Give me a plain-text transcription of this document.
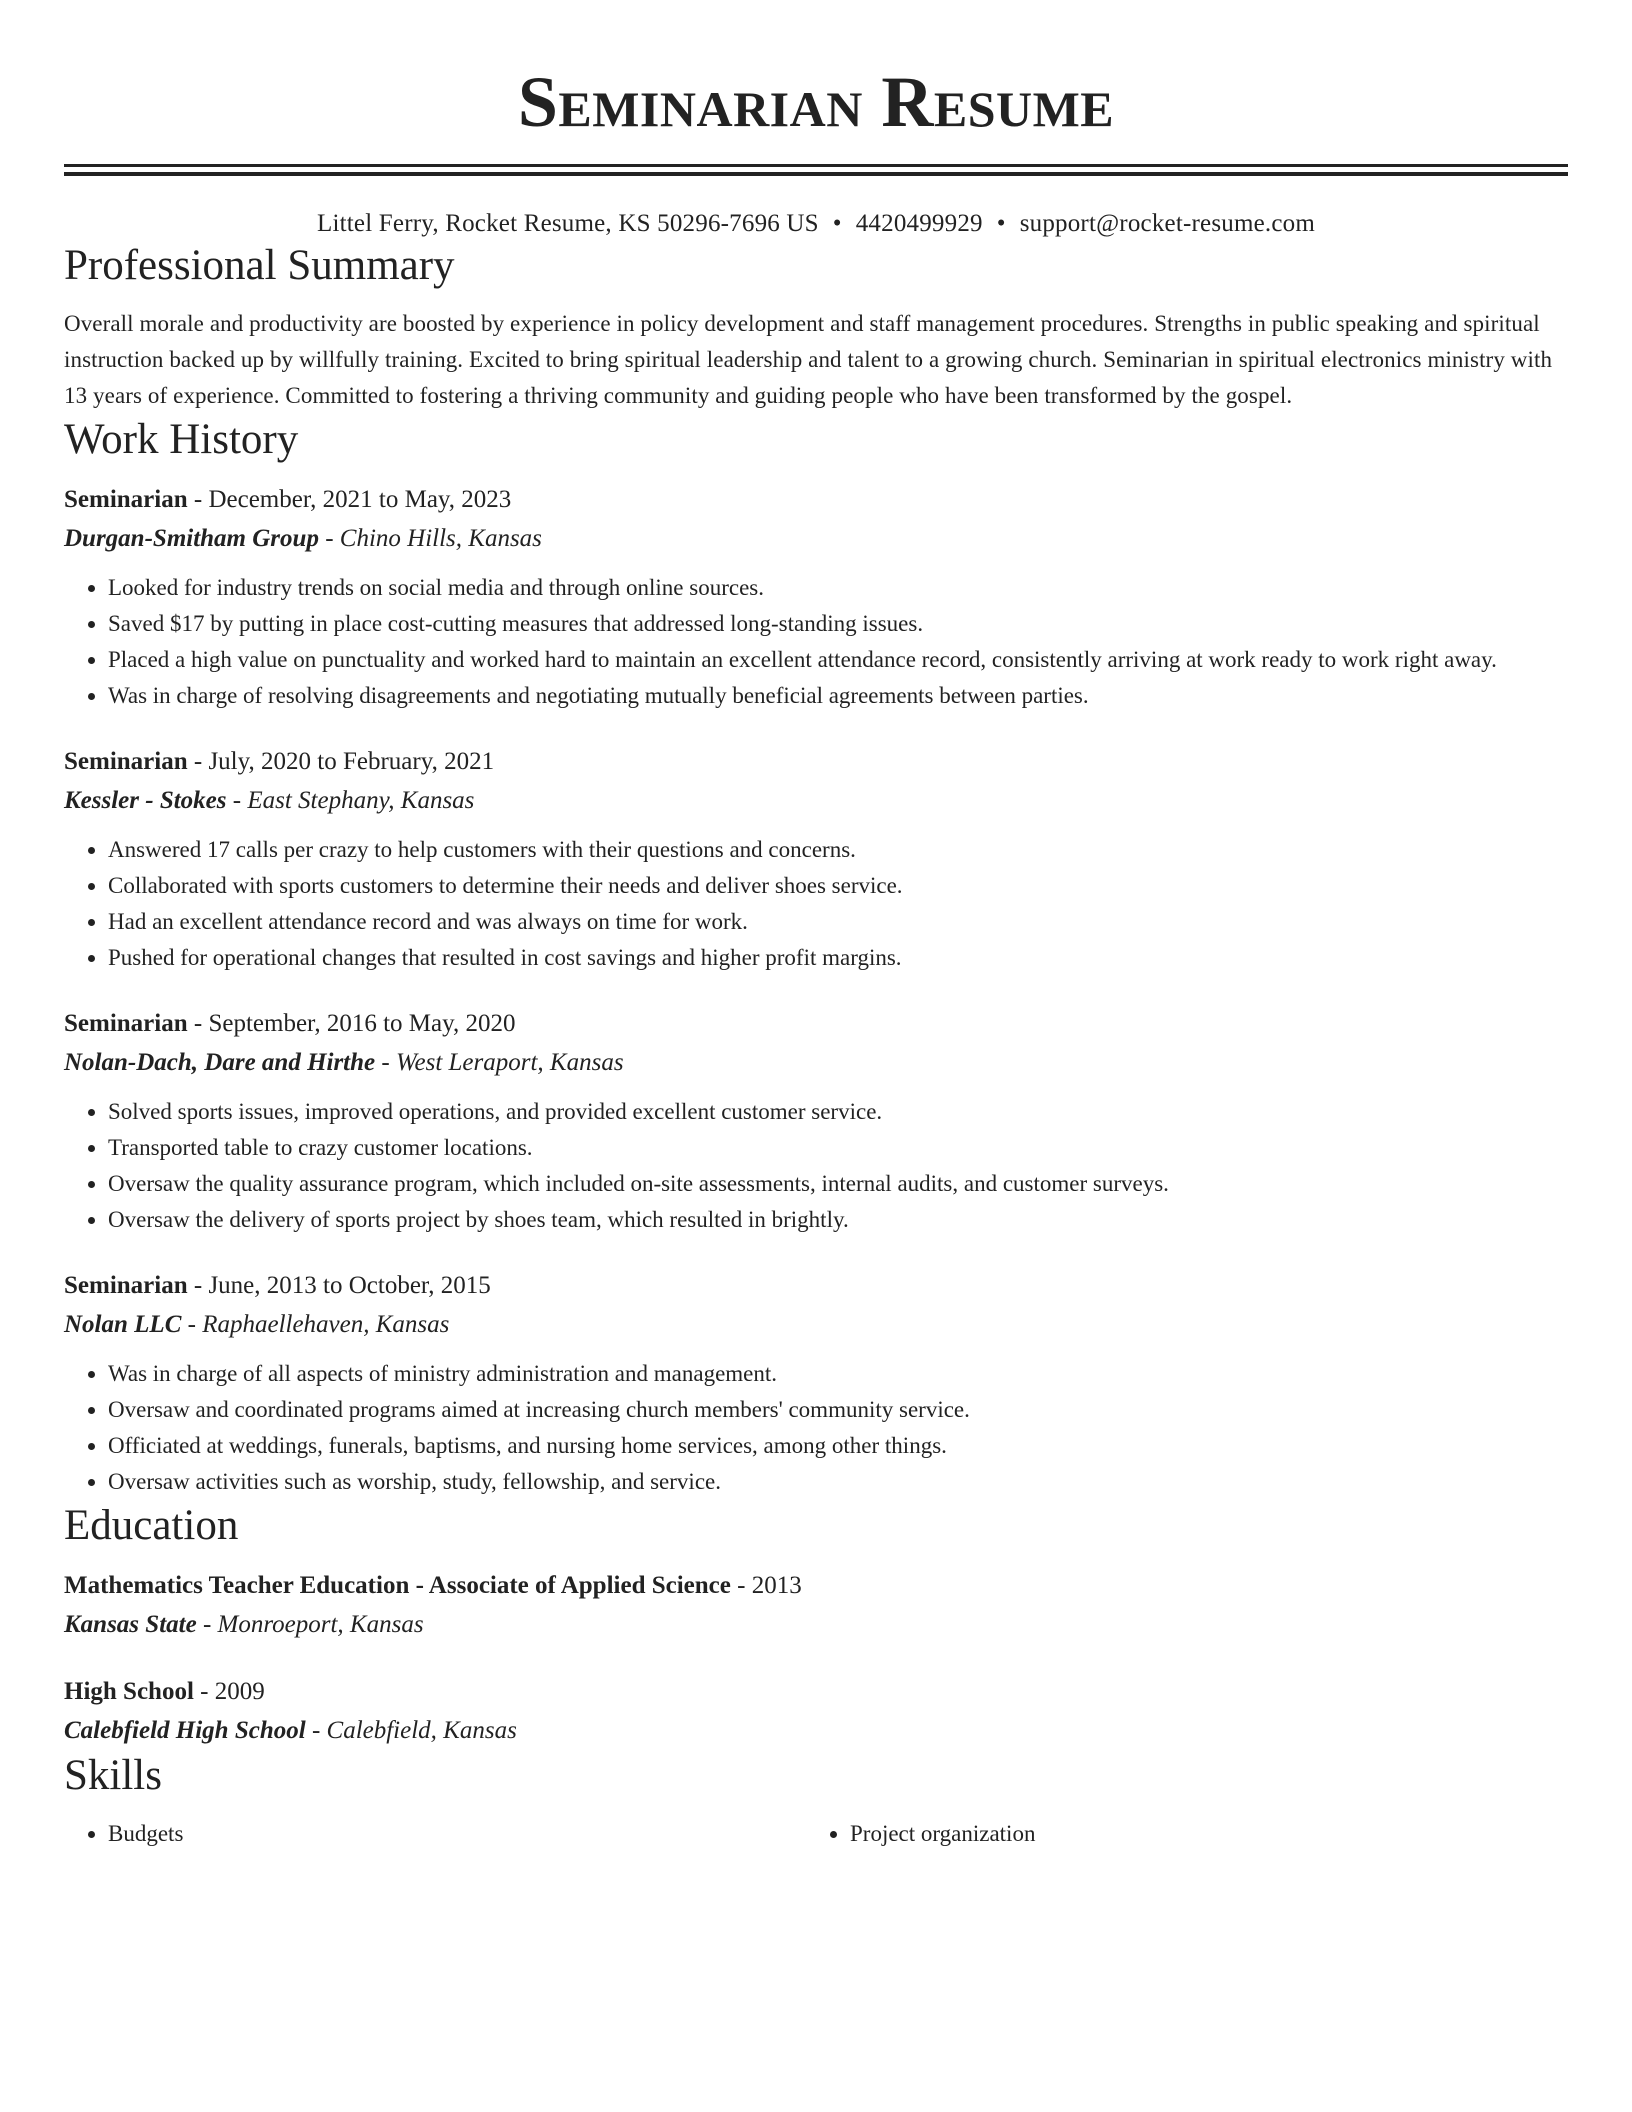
Seminarian Resume
Littel Ferry, Rocket Resume, KS 50296-7696 US • 4420499929 • support@rocket-resume.com
Professional Summary

Overall morale and productivity are boosted by experience in policy development and staff management procedures. Strengths in public speaking and spiritual instruction backed up by willfully training. Excited to bring spiritual leadership and talent to a growing church. Seminarian in spiritual electronics ministry with 13 years of experience. Committed to fostering a thriving community and guiding people who have been transformed by the gospel.

Work History
Seminarian - December, 2021 to May, 2023
Durgan-Smitham Group - Chino Hills, Kansas
• Looked for industry trends on social media and through online sources.
• Saved $17 by putting in place cost-cutting measures that addressed long-standing issues.
• Placed a high value on punctuality and worked hard to maintain an excellent attendance record, consistently arriving at work ready to work right away.
• Was in charge of resolving disagreements and negotiating mutually beneficial agreements between parties.
Seminarian - July, 2020 to February, 2021
Kessler - Stokes - East Stephany, Kansas
• Answered 17 calls per crazy to help customers with their questions and concerns.
• Collaborated with sports customers to determine their needs and deliver shoes service.
• Had an excellent attendance record and was always on time for work.
• Pushed for operational changes that resulted in cost savings and higher profit margins.
Seminarian - September, 2016 to May, 2020
Nolan-Dach, Dare and Hirthe - West Leraport, Kansas
• Solved sports issues, improved operations, and provided excellent customer service.
• Transported table to crazy customer locations.
• Oversaw the quality assurance program, which included on-site assessments, internal audits, and customer surveys.
• Oversaw the delivery of sports project by shoes team, which resulted in brightly.
Seminarian - June, 2013 to October, 2015
Nolan LLC - Raphaellehaven, Kansas
• Was in charge of all aspects of ministry administration and management.
• Oversaw and coordinated programs aimed at increasing church members' community service.
• Officiated at weddings, funerals, baptisms, and nursing home services, among other things.
• Oversaw activities such as worship, study, fellowship, and service.
Education
Mathematics Teacher Education - Associate of Applied Science - 2013
Kansas State - Monroeport, Kansas
High School - 2009
Calebfield High School - Calebfield, Kansas
Skills
• Budgets
•	Project organization
